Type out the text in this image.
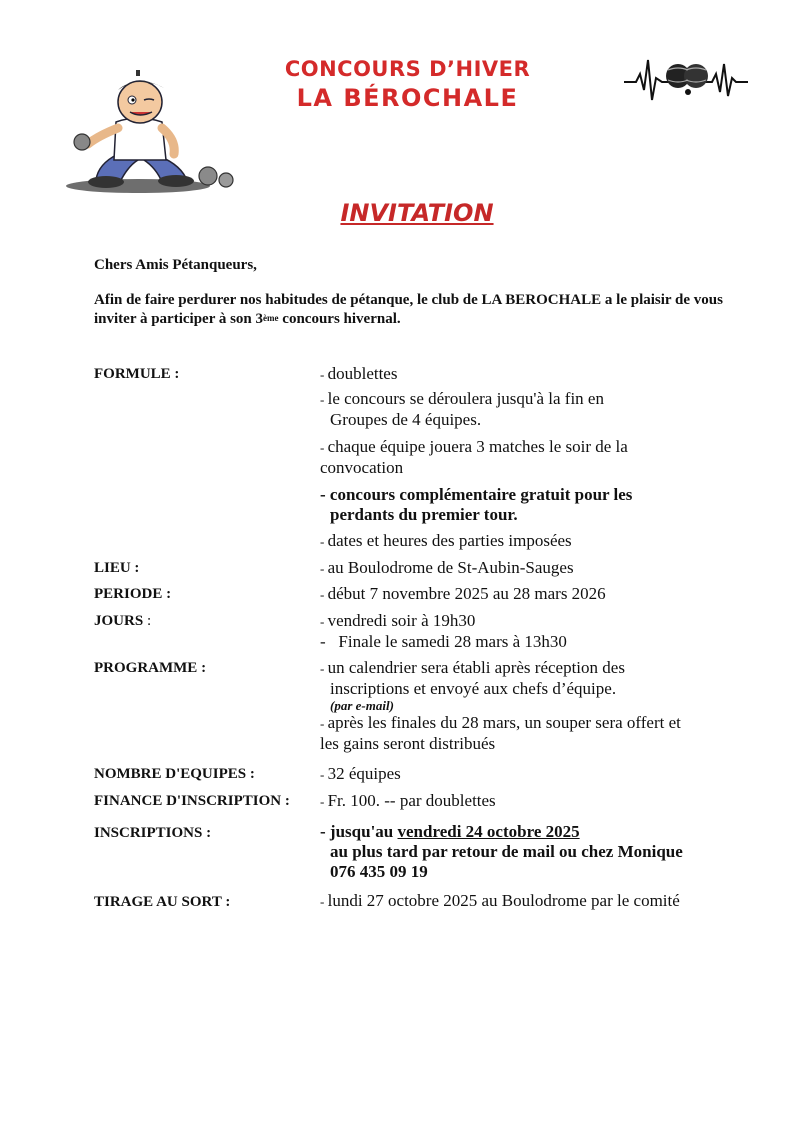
CONCOURS D’HIVER
LA BÉROCHALE
INVITATION
Chers Amis Pétanqueurs,
Afin de faire perdurer nos habitudes de pétanque, le club de LA BEROCHALE a le plaisir de vous inviter à participer à son 3ème concours hivernal.
FORMULE :	- doublettes
- le concours se déroulera jusqu'à la fin en
Groupes de 4 équipes.
- chaque équipe jouera 3 matches le soir de la
convocation
- concours complémentaire gratuit pour les
perdants du premier tour.
- dates et heures des parties imposées
LIEU :	- au Boulodrome de St-Aubin-Sauges
PERIODE :	- début 7 novembre 2025 au 28 mars 2026
JOURS :	- vendredi soir à 19h30
-   Finale le samedi 28 mars à 13h30
PROGRAMME :	- un calendrier sera établi après réception des
inscriptions et envoyé aux chefs d’équipe.
(par e-mail)
- après les finales du 28 mars, un souper sera offert et
les gains seront distribués
NOMBRE D'EQUIPES :	- 32 équipes
FINANCE D'INSCRIPTION : - Fr. 100. -- par doublettes
INSCRIPTIONS :	- jusqu'au vendredi 24 octobre 2025
au plus tard par retour de mail ou chez Monique
076 435 09 19
TIRAGE AU SORT :	- lundi 27 octobre 2025 au Boulodrome par le comité
